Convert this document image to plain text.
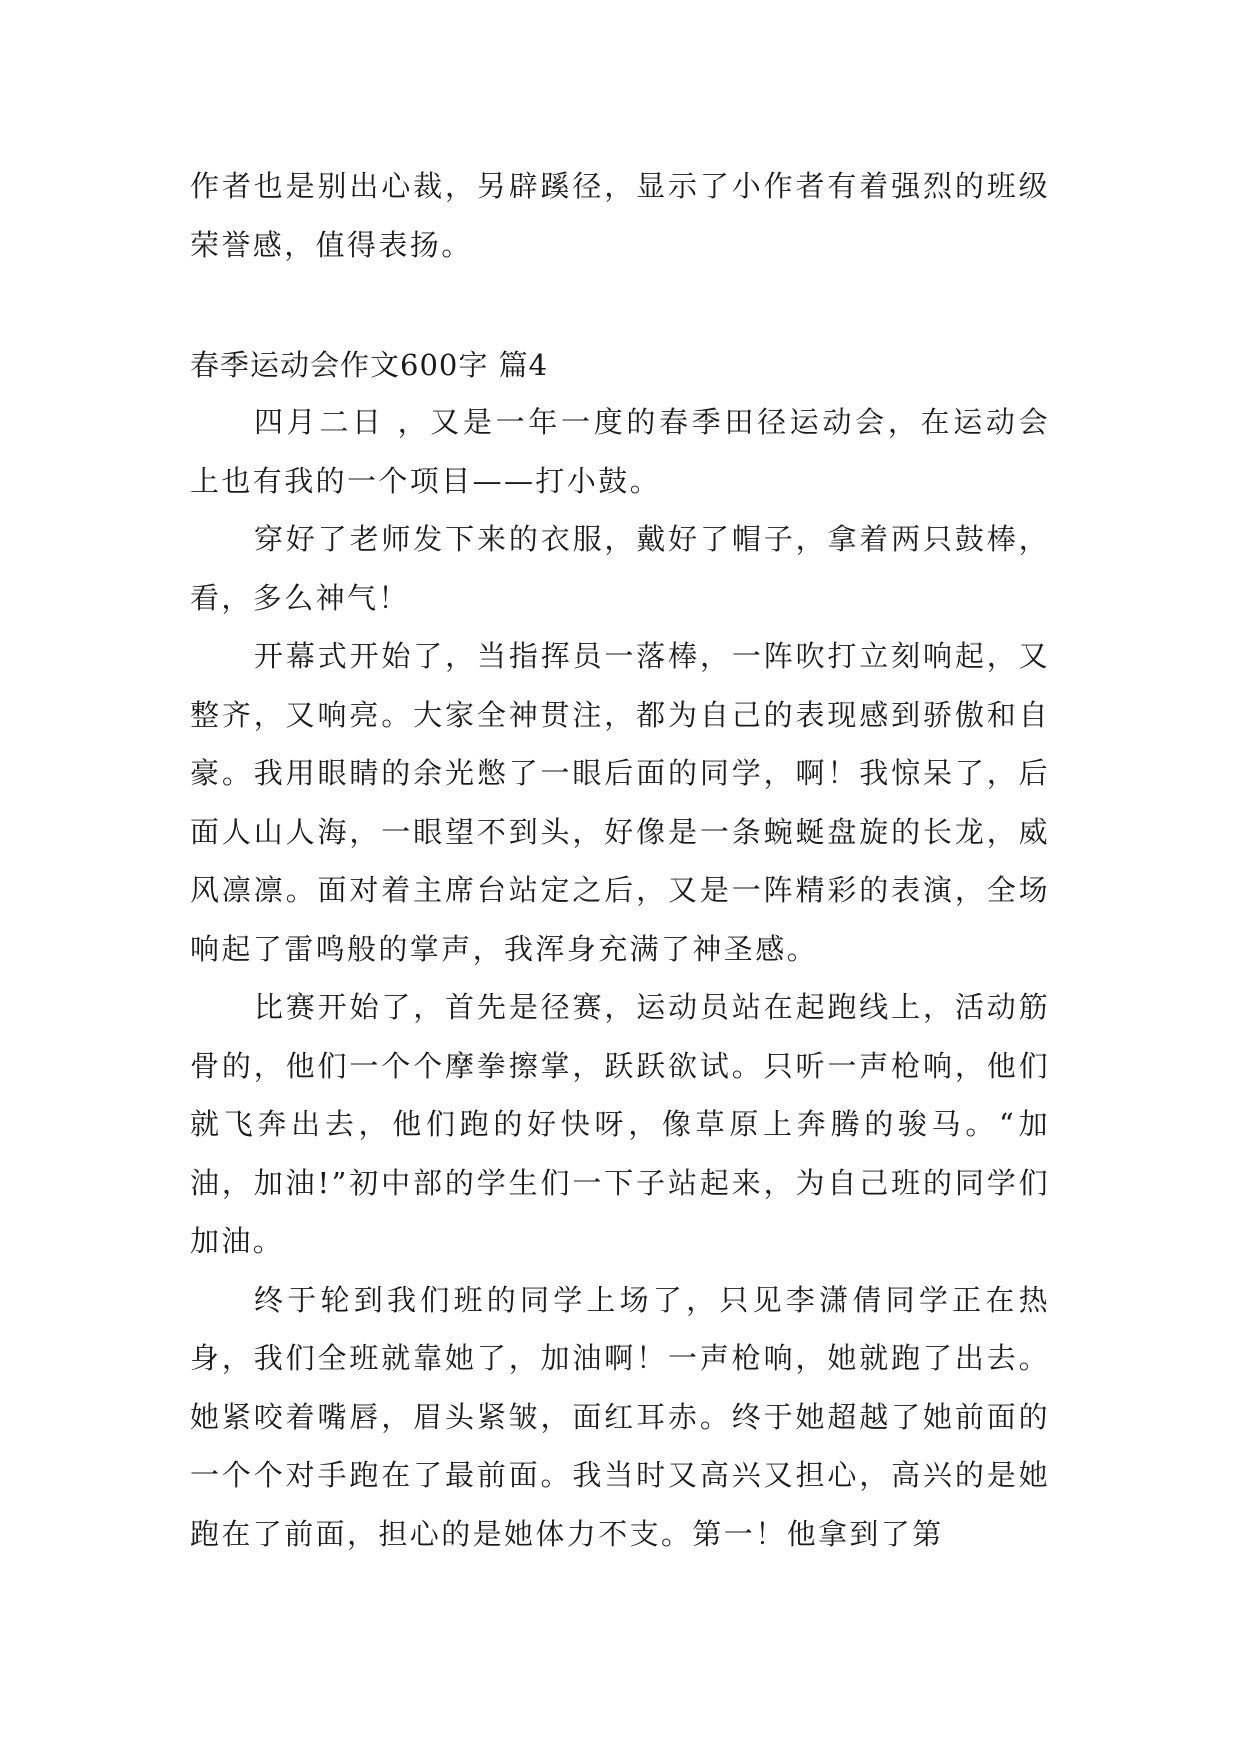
作者也是别出心裁，另辟蹊径，显示了小作者有着强烈的班级荣誉感，值得表扬。
春季运动会作文600字 篇4

四月二日 ，又是一年一度的春季田径运动会，在运动会上也有我的一个项目——打小鼓。

穿好了老师发下来的衣服，戴好了帽子，拿着两只鼓棒，看，多么神气！

开幕式开始了，当指挥员一落棒，一阵吹打立刻响起，又整齐，又响亮。大家全神贯注，都为自己的表现感到骄傲和自豪。我用眼睛的余光憋了一眼后面的同学，啊！我惊呆了，后面人山人海，一眼望不到头，好像是一条蜿蜒盘旋的长龙，威风凛凛。面对着主席台站定之后，又是一阵精彩的表演，全场响起了雷鸣般的掌声，我浑身充满了神圣感。

比赛开始了，首先是径赛，运动员站在起跑线上，活动筋骨的，他们一个个摩拳擦掌，跃跃欲试。只听一声枪响，他们就飞奔出去，他们跑的好快呀，像草原上奔腾的骏马。“加油，加油!”初中部的学生们一下子站起来，为自己班的同学们加油。

终于轮到我们班的同学上场了，只见李潇倩同学正在热身，我们全班就靠她了，加油啊！一声枪响，她就跑了出去。她紧咬着嘴唇，眉头紧皱，面红耳赤。终于她超越了她前面的一个个对手跑在了最前面。我当时又高兴又担心，高兴的是她跑在了前面，担心的是她体力不支。第一！他拿到了第
